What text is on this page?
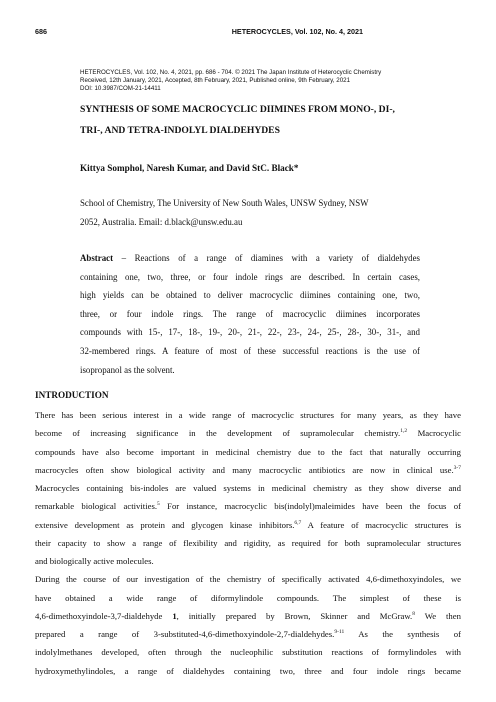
686	HETEROCYCLES, Vol. 102, No. 4, 2021
HETEROCYCLES, Vol. 102, No. 4, 2021, pp. 686 - 704. © 2021 The Japan Institute of Heterocyclic Chemistry
Received, 12th January, 2021, Accepted, 8th February, 2021, Published online, 9th February, 2021
DOI: 10.3987/COM-21-14411
SYNTHESIS OF SOME MACROCYCLIC DIIMINES FROM MONO-, DI-,
TRI-, AND TETRA-INDOLYL DIALDEHYDES
Kittya Somphol, Naresh Kumar, and David StC. Black*
School of Chemistry, The University of New South Wales, UNSW Sydney, NSW
2052, Australia. Email: d.black@unsw.edu.au
Abstract – Reactions of a range of diamines with a variety of dialdehydes
containing one, two, three, or four indole rings are described. In certain cases,
high yields can be obtained to deliver macrocyclic diimines containing one, two,
three, or four indole rings. The range of macrocyclic diimines incorporates
compounds with 15-, 17-, 18-, 19-, 20-, 21-, 22-, 23-, 24-, 25-, 28-, 30-, 31-, and
32-membered rings. A feature of most of these successful reactions is the use of
isopropanol as the solvent.
INTRODUCTION
There has been serious interest in a wide range of macrocyclic structures for many years, as they have
become of increasing significance in the development of supramolecular chemistry.$^{1,2}$ Macrocyclic
compounds have also become important in medicinal chemistry due to the fact that naturally occurring
macrocycles often show biological activity and many macrocyclic antibiotics are now in clinical use.$^{3-7}$
Macrocycles containing bis-indoles are valued systems in medicinal chemistry as they show diverse and
remarkable biological activities.$^5$ For instance, macrocyclic bis(indolyl)maleimides have been the focus of
extensive development as protein and glycogen kinase inhibitors.$^{6,7}$ A feature of macrocyclic structures is
their capacity to show a range of flexibility and rigidity, as required for both supramolecular structures
and biologically active molecules.
During the course of our investigation of the chemistry of specifically activated 4,6-dimethoxyindoles, we
have obtained a wide range of diformylindole compounds. The simplest of these is
4,6-dimethoxyindole-3,7-dialdehyde 1, initially prepared by Brown, Skinner and McGraw.$^8$ We then
prepared a range of 3-substituted-4,6-dimethoxyindole-2,7-dialdehydes.$^{9-11}$ As the synthesis of
indolylmethanes developed, often through the nucleophilic substitution reactions of formylindoles with
hydroxymethylindoles, a range of dialdehydes containing two, three and four indole rings became
